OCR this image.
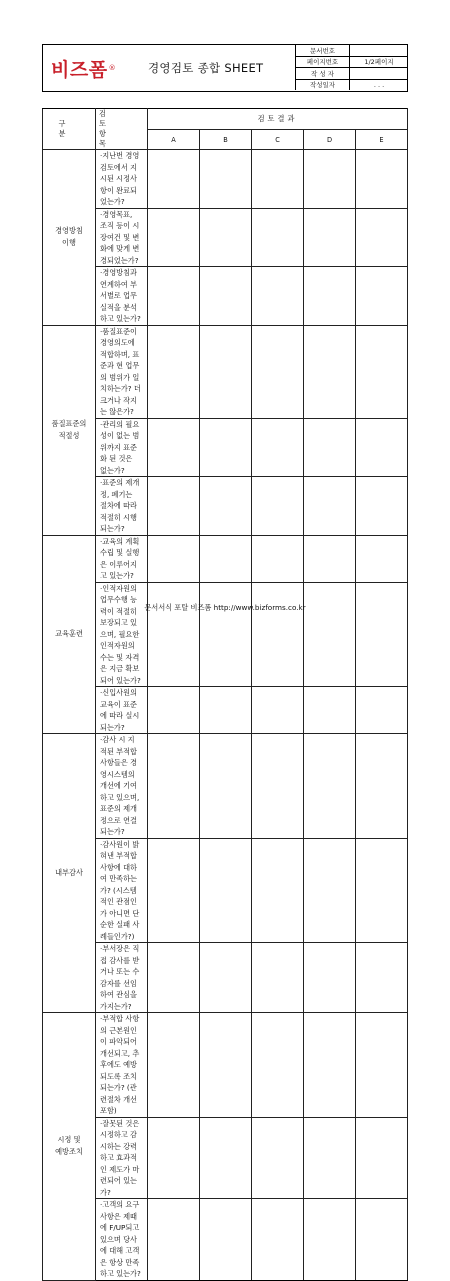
비즈폼 ®	경영검토 종합 SHEET
문서번호	
페이지번호	1/2페이지
작 성 자	
작성일자	. . .
구 분	검 토 항 목	검토결과				
		A	B	C	D	E
경영방침
이행	·지난번 경영검토에서 지시된 시정사항이 완료되었는가?					
	·경영목표, 조직 등이 시장여건 및 변화에 맞게 변경되었는가?					
	·경영방침과 연계하여 부서별로 업무 실적을 분석하고 있는가?					
품질표준의
적절성	·품질표준이 경영의도에 적합하며, 표준과 현 업무의 범위가 일치하는가? 더 크거나 작지는 않은가?					
	·관리의 필요성이 없는 범위까지 표준화 된 것은 없는가?					
	·표준의 제개정, 폐기는 절차에 따라 적절히 시행되는가?					
교육훈련	·교육의 계획수립 및 실행은 이루어지고 있는가?					
	·인적자원의 업무수행 능력이 적절히 보장되고 있으며, 필요한 인적자원의 수는 및 자격은 지금 확보되어 있는가?					
	·신입사원의 교육이 표준에 따라 실시되는가?					
내부감사	·감사 시 지적된 부적합 사항들은 경영시스템의 개선에 기여하고 있으며, 표준의 제개정으로 연결되는가?					
	·감사원이 밝혀낸 부적합 사항에 대하여 만족하는가? (시스템적인 관점인가 아니면 단순한 실패 사례들인가?)					
	·부서장은 직접 감사를 받거나 또는 수감자를 선임하여 관심을 가지는가?					
시정 및
예방조치	·부적합 사항의 근본원인이 파악되어 개선되고, 추후에도 예방되도록 조치되는가? (관련절차 개선포함)					
	·잘못된 것은 시정하고 감시하는 강력하고 효과적인 제도가 마련되어 있는가?					
	·고객의 요구사항은 제때에 F/UP되고 있으며 당사에 대해 고객은 항상 만족하고 있는가?					
문서서식 포탈 비즈폼 http://www.bizforms.co.kr
